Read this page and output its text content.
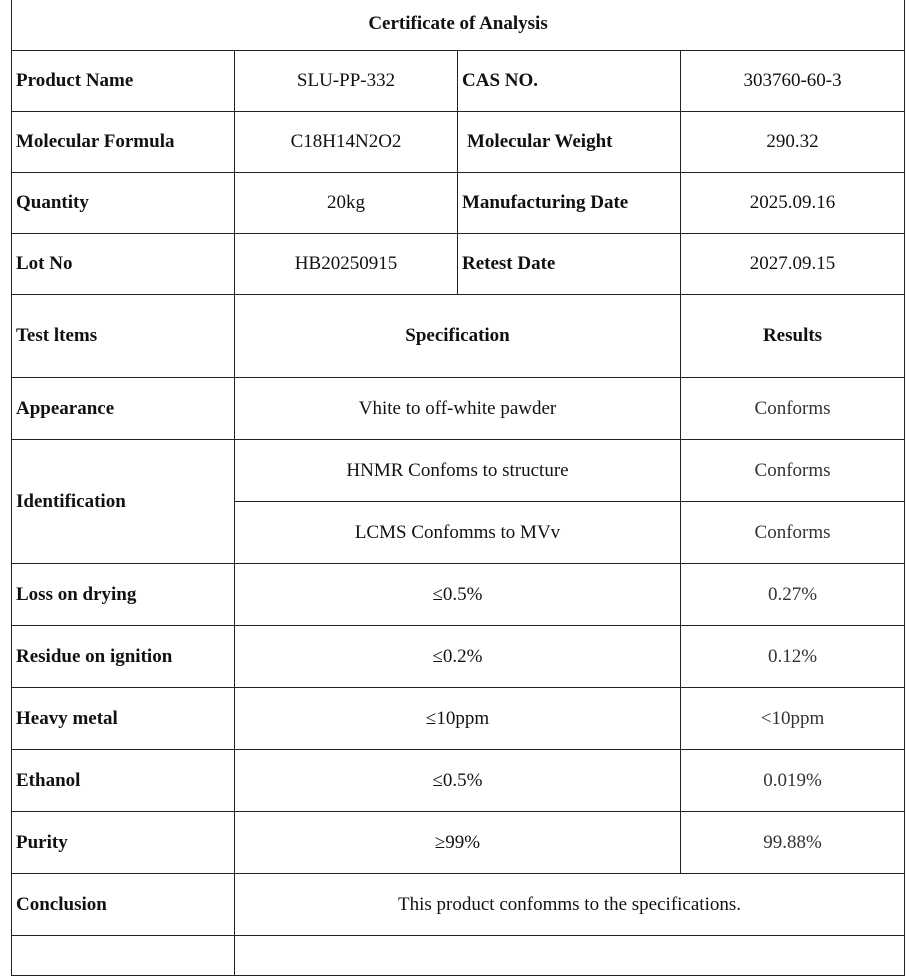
Certificate of Analysis			
Product Name	SLU-PP-332	CAS NO.	303760-60-3
Molecular Formula	C18H14N2O2	Molecular Weight	290.32
Quantity	20kg	Manufacturing Date	2025.09.16
Lot No	HB20250915	Retest Date	2027.09.15
Test ltems	Specification		Results
Appearance	Vhite to off-white pawder		Conforms
Identification	HNMR Confoms to structure		Conforms
	LCMS Confomms to MVv		Conforms
Loss on drying	≤0.5%		0.27%
Residue on ignition	≤0.2%		0.12%
Heavy metal	≤10ppm		<10ppm
Ethanol	≤0.5%		0.019%
Purity	≥99%		99.88%
Conclusion	This product confomms to the specifications.		
